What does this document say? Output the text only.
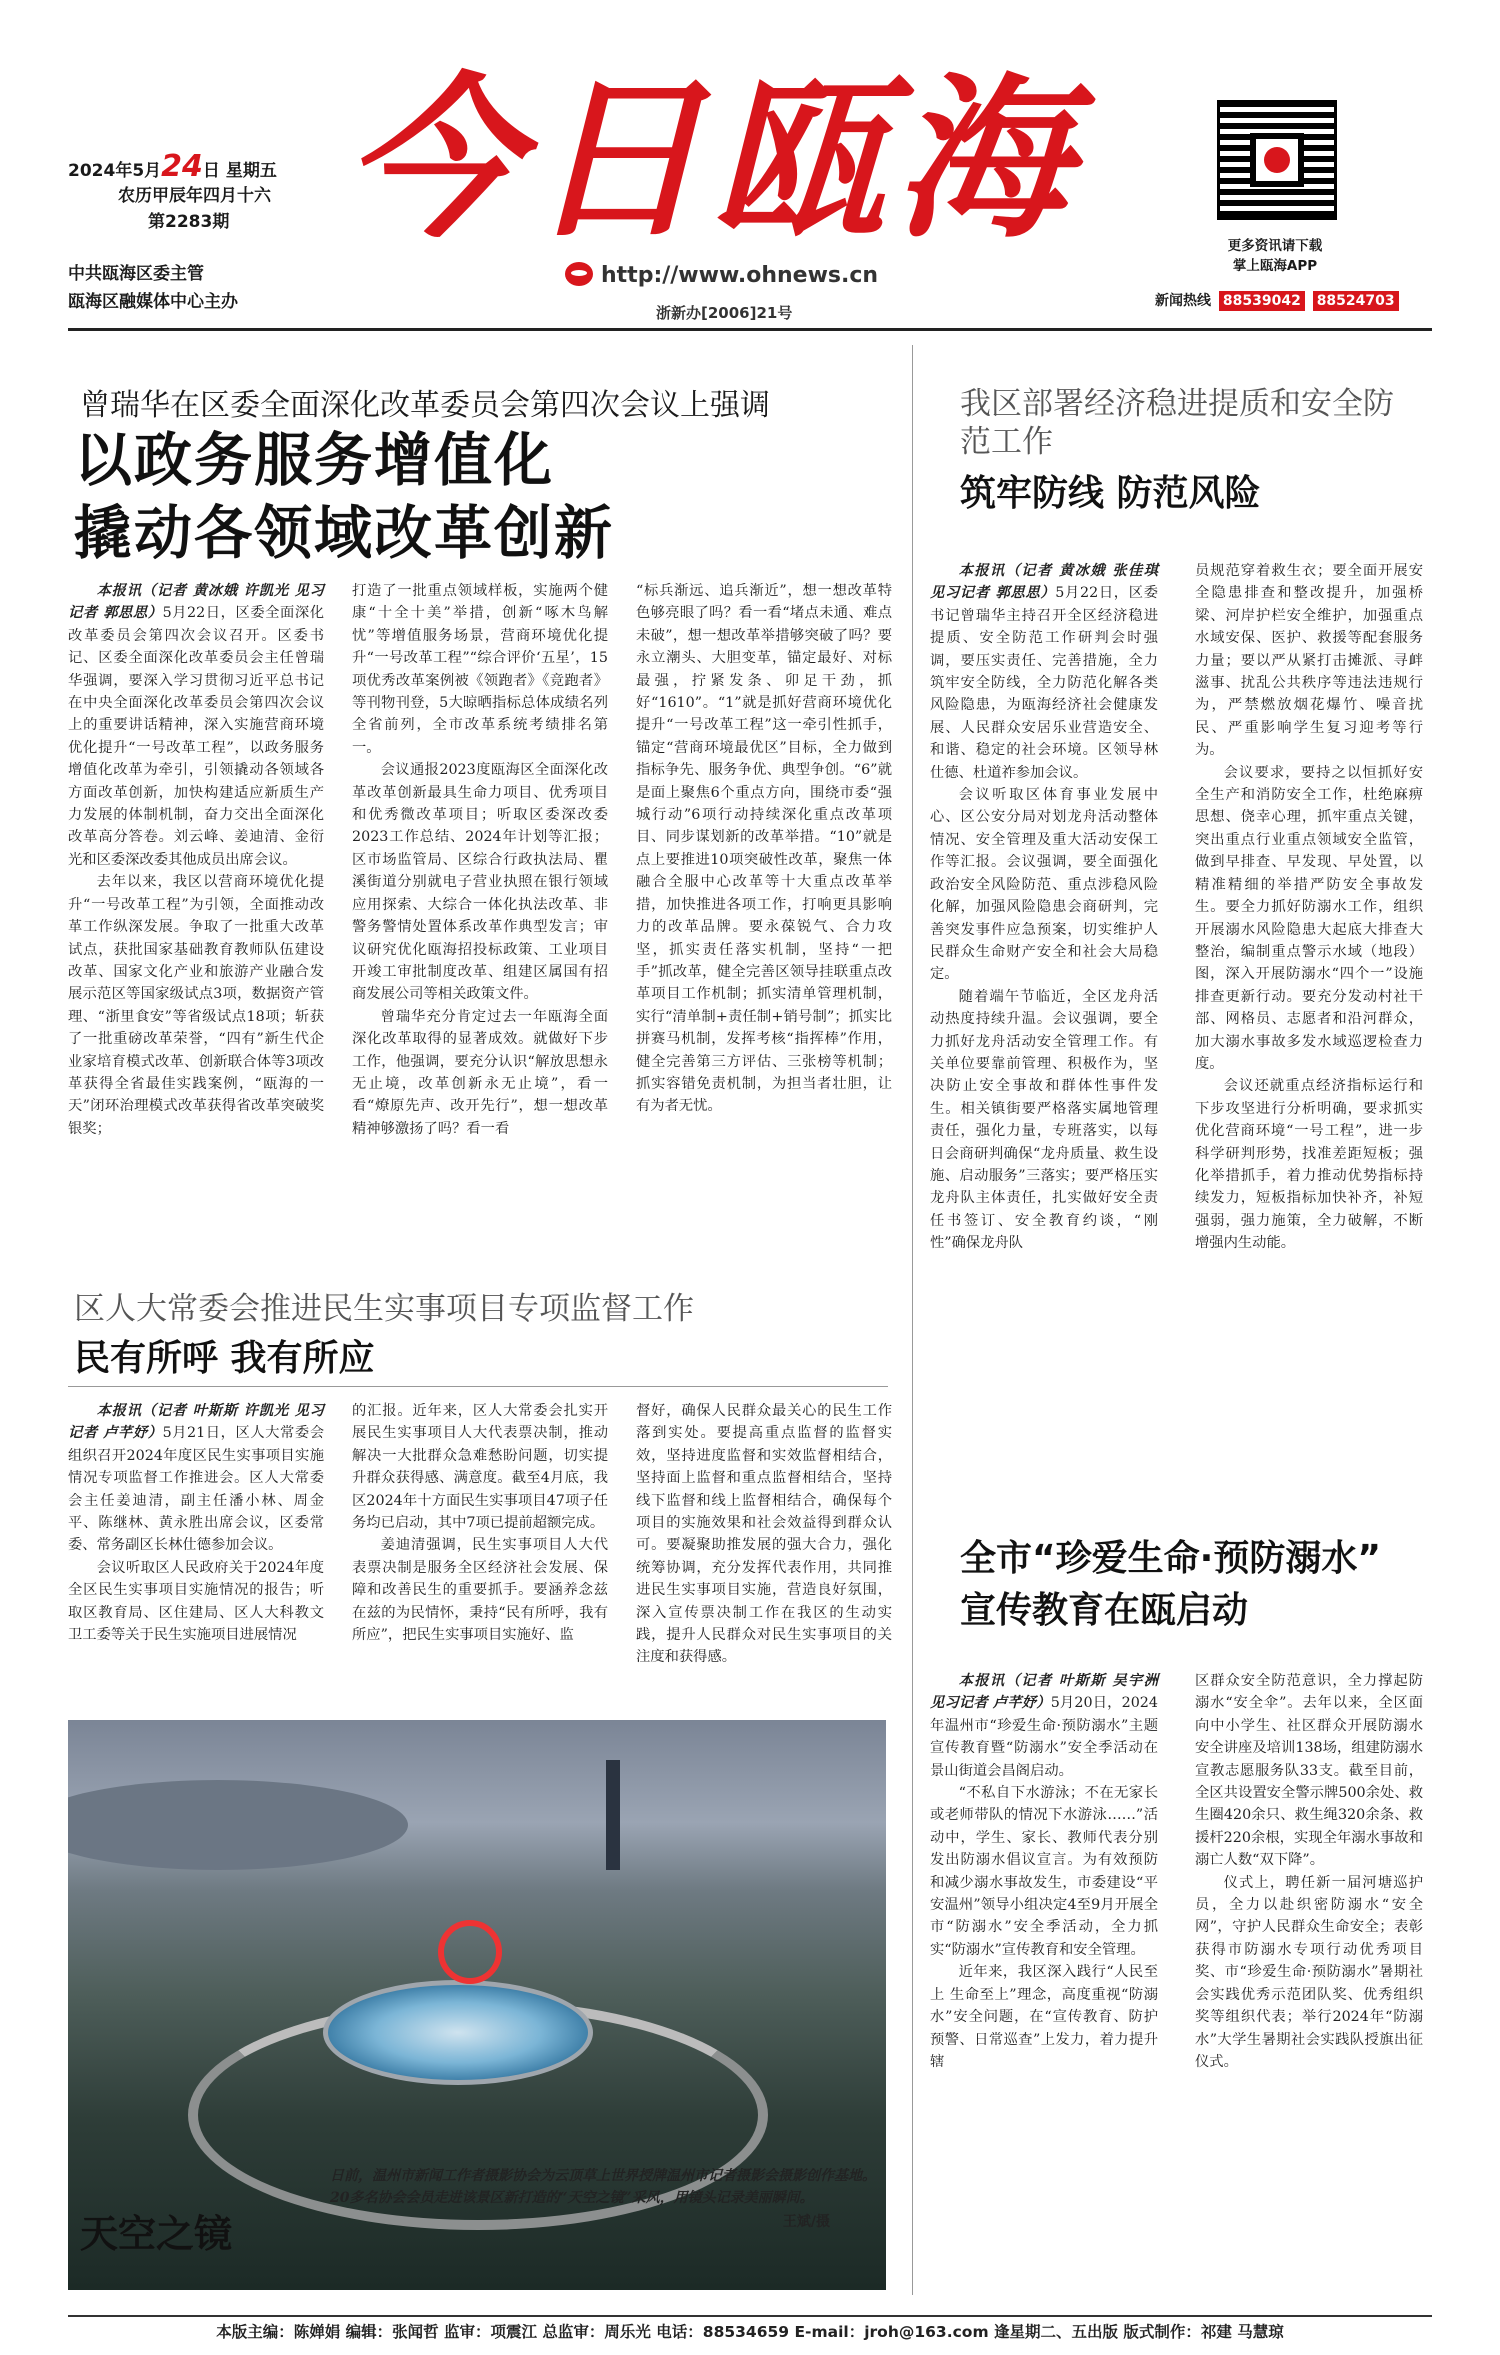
2024年5月24日 星期五
农历甲辰年四月十六
第2283期
中共瓯海区委主管
瓯海区融媒体中心主办
今日瓯海
http://www.ohnews.cn
浙新办[2006]21号
更多资讯请下载
掌上瓯海APP
新闻热线 88539042 88524703
曾瑞华在区委全面深化改革委员会第四次会议上强调
以政务服务增值化
撬动各领域改革创新

本报讯（记者 黄冰娥 许凯光 见习记者 郭思思）5月22日，区委全面深化改革委员会第四次会议召开。区委书记、区委全面深化改革委员会主任曾瑞华强调，要深入学习贯彻习近平总书记在中央全面深化改革委员会第四次会议上的重要讲话精神，深入实施营商环境优化提升“一号改革工程”，以政务服务增值化改革为牵引，引领撬动各领域各方面改革创新，加快构建适应新质生产力发展的体制机制，奋力交出全面深化改革高分答卷。刘云峰、姜迪清、金衍光和区委深改委其他成员出席会议。

去年以来，我区以营商环境优化提升“一号改革工程”为引领，全面推动改革工作纵深发展。争取了一批重大改革试点，获批国家基础教育教师队伍建设改革、国家文化产业和旅游产业融合发展示范区等国家级试点3项，数据资产管理、“浙里食安”等省级试点18项；斩获了一批重磅改革荣誉，“四有”新生代企业家培育模式改革、创新联合体等3项改革获得全省最佳实践案例，“瓯海的一天”闭环治理模式改革获得省改革突破奖银奖；

打造了一批重点领域样板，实施两个健康“十全十美”举措，创新“啄木鸟解忧”等增值服务场景，营商环境优化提升“一号改革工程”“综合评价‘五星’，15项优秀改革案例被《领跑者》《竞跑者》等刊物刊登，5大晾晒指标总体成绩名列全省前列，全市改革系统考绩排名第一。

会议通报2023度瓯海区全面深化改革改革创新最具生命力项目、优秀项目和优秀微改革项目；听取区委深改委2023工作总结、2024年计划等汇报；区市场监管局、区综合行政执法局、瞿溪街道分别就电子营业执照在银行领域应用探索、大综合一体化执法改革、非警务警情处置体系改革作典型发言；审议研究优化瓯海招投标政策、工业项目开竣工审批制度改革、组建区属国有招商发展公司等相关政策文件。

曾瑞华充分肯定过去一年瓯海全面深化改革取得的显著成效。就做好下步工作，他强调，要充分认识“解放思想永无止境，改革创新永无止境”，看一看“燎原先声、改开先行”，想一想改革精神够激扬了吗？看一看

“标兵渐远、追兵渐近”，想一想改革特色够亮眼了吗？看一看“堵点未通、难点未破”，想一想改革举措够突破了吗？要永立潮头、大胆变革，锚定最好、对标最强，拧紧发条、卯足干劲，抓好“1610”。“1”就是抓好营商环境优化提升“一号改革工程”这一牵引性抓手，锚定“营商环境最优区”目标，全力做到指标争先、服务争优、典型争创。“6”就是面上聚焦6个重点方向，围绕市委“强城行动”6项行动持续深化重点改革项目、同步谋划新的改革举措。“10”就是点上要推进10项突破性改革，聚焦一体融合全服中心改革等十大重点改革举措，加快推进各项工作，打响更具影响力的改革品牌。要永葆锐气、合力攻坚，抓实责任落实机制，坚持“一把手”抓改革，健全完善区领导挂联重点改革项目工作机制；抓实清单管理机制，实行“清单制+责任制+销号制”；抓实比拼赛马机制，发挥考核“指挥棒”作用，健全完善第三方评估、三张榜等机制；抓实容错免责机制，为担当者壮胆，让有为者无忧。

区人大常委会推进民生实事项目专项监督工作
民有所呼 我有所应

本报讯（记者 叶斯斯 许凯光 见习记者 卢芊妤）5月21日，区人大常委会组织召开2024年度区民生实事项目实施情况专项监督工作推进会。区人大常委会主任姜迪清，副主任潘小林、周金平、陈继林、黄永胜出席会议，区委常委、常务副区长林仕德参加会议。

会议听取区人民政府关于2024年度全区民生实事项目实施情况的报告；听取区教育局、区住建局、区人大科教文卫工委等关于民生实施项目进展情况

的汇报。近年来，区人大常委会扎实开展民生实事项目人大代表票决制，推动解决一大批群众急难愁盼问题，切实提升群众获得感、满意度。截至4月底，我区2024年十方面民生实事项目47项子任务均已启动，其中7项已提前超额完成。

姜迪清强调，民生实事项目人大代表票决制是服务全区经济社会发展、保障和改善民生的重要抓手。要涵养念兹在兹的为民情怀，秉持“民有所呼，我有所应”，把民生实事项目实施好、监

督好，确保人民群众最关心的民生工作落到实处。要提高重点监督的监督实效，坚持进度监督和实效监督相结合，坚持面上监督和重点监督相结合，坚持线下监督和线上监督相结合，确保每个项目的实施效果和社会效益得到群众认可。要凝聚助推发展的强大合力，强化统筹协调，充分发挥代表作用，共同推进民生实事项目实施，营造良好氛围，深入宣传票决制工作在我区的生动实践，提升人民群众对民生实事项目的关注度和获得感。

天空之镜
日前，温州市新闻工作者摄影协会为云顶草上世界授牌温州市记者摄影会摄影创作基地。20多名协会会员走进该景区新打造的“天空之镜”采风，用镜头记录美丽瞬间。
王斌/摄
我区部署经济稳进提质和安全防范工作
筑牢防线 防范风险

本报讯（记者 黄冰娥 张佳琪 见习记者 郭思思）5月22日，区委书记曾瑞华主持召开全区经济稳进提质、安全防范工作研判会时强调，要压实责任、完善措施，全力筑牢安全防线，全力防范化解各类风险隐患，为瓯海经济社会健康发展、人民群众安居乐业营造安全、和谐、稳定的社会环境。区领导林仕德、杜道祚参加会议。

会议听取区体育事业发展中心、区公安分局对划龙舟活动整体情况、安全管理及重大活动安保工作等汇报。会议强调，要全面强化政治安全风险防范、重点涉稳风险化解，加强风险隐患会商研判，完善突发事件应急预案，切实维护人民群众生命财产安全和社会大局稳定。

随着端午节临近，全区龙舟活动热度持续升温。会议强调，要全力抓好龙舟活动安全管理工作。有关单位要靠前管理、积极作为，坚决防止安全事故和群体性事件发生。相关镇街要严格落实属地管理责任，强化力量，专班落实，以每日会商研判确保“龙舟质量、救生设施、启动服务”三落实；要严格压实龙舟队主体责任，扎实做好安全责任书签订、安全教育约谈，“刚性”确保龙舟队

员规范穿着救生衣；要全面开展安全隐患排查和整改提升，加强桥梁、河岸护栏安全维护，加强重点水域安保、医护、救援等配套服务力量；要以严从紧打击摊派、寻衅滋事、扰乱公共秩序等违法违规行为，严禁燃放烟花爆竹、噪音扰民、严重影响学生复习迎考等行为。

会议要求，要持之以恒抓好安全生产和消防安全工作，杜绝麻痹思想、侥幸心理，抓牢重点关键，突出重点行业重点领域安全监管，做到早排查、早发现、早处置，以精准精细的举措严防安全事故发生。要全力抓好防溺水工作，组织开展溺水风险隐患大起底大排查大整治，编制重点警示水域（地段）图，深入开展防溺水“四个一”设施排查更新行动。要充分发动村社干部、网格员、志愿者和沿河群众，加大溺水事故多发水域巡逻检查力度。

会议还就重点经济指标运行和下步攻坚进行分析明确，要求抓实优化营商环境“一号工程”，进一步科学研判形势，找准差距短板；强化举措抓手，着力推动优势指标持续发力，短板指标加快补齐，补短强弱，强力施策，全力破解，不断增强内生动能。

全市“珍爱生命·预防溺水”
宣传教育在瓯启动

本报讯（记者 叶斯斯 吴宇洲 见习记者 卢芊妤）5月20日，2024年温州市“珍爱生命·预防溺水”主题宣传教育暨“防溺水”安全季活动在景山街道会昌阁启动。

“不私自下水游泳；不在无家长或老师带队的情况下水游泳……”活动中，学生、家长、教师代表分别发出防溺水倡议宣言。为有效预防和减少溺水事故发生，市委建设“平安温州”领导小组决定4至9月开展全市“防溺水”安全季活动，全力抓实“防溺水”宣传教育和安全管理。

近年来，我区深入践行“人民至上 生命至上”理念，高度重视“防溺水”安全问题，在“宣传教育、防护预警、日常巡查”上发力，着力提升辖

区群众安全防范意识，全力撑起防溺水“安全伞”。去年以来，全区面向中小学生、社区群众开展防溺水安全讲座及培训138场，组建防溺水宣教志愿服务队33支。截至目前，全区共设置安全警示牌500余处、救生圈420余只、救生绳320余条、救援杆220余根，实现全年溺水事故和溺亡人数“双下降”。

仪式上，聘任新一届河塘巡护员，全力以赴织密防溺水“安全网”，守护人民群众生命安全；表彰获得市防溺水专项行动优秀项目奖、市“珍爱生命·预防溺水”暑期社会实践优秀示范团队奖、优秀组织奖等组织代表；举行2024年“防溺水”大学生暑期社会实践队授旗出征仪式。

本版主编：陈婵娟 编辑：张闻哲 监审：项震江 总监审：周乐光 电话：88534659 E-mail：jroh@163.com 逢星期二、五出版 版式制作：祁建 马慧琼
